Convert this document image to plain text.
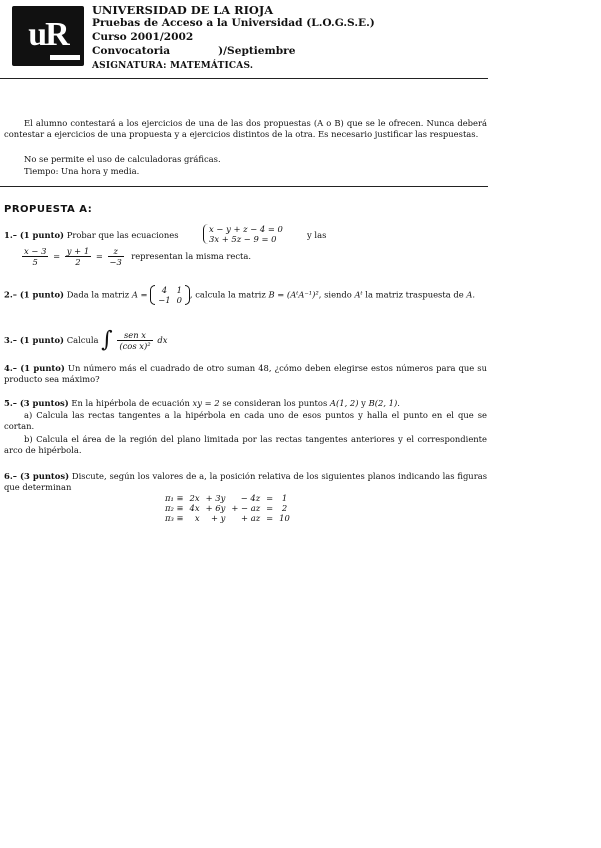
uR
UNIVERSIDAD DE LA RIOJA
Pruebas de Acceso a la Universidad (L.O.G.S.E.)
Curso 2001/2002
Convocatoria	)/Septiembre
ASIGNATURA: MATEMÁTICAS.
El alumno contestará a los ejercicios de una de las dos propuestas (A o B) que se le ofrecen. Nunca deberá contestar a ejercicios de una propuesta y a ejercicios distintos de la otra. Es necesario justificar las respuestas.
No se permite el uso de calculadoras gráficas.
Tiempo: Una hora y media.
PROPUESTA A:
1.– (1 punto) Probar que las ecuaciones
x − y + z − 4 = 0
3x + 5z − 9 = 0	y las
$\frac{x - 3}{5} = \frac{y + 1}{2} = \frac{z}{-3}$ representan la misma recta.
2.– (1 punto) Dada la matriz A = 4	1
−1	0
, calcula la matriz B = (AᵗA⁻¹)², siendo Aᵗ la matriz traspuesta de A.
3.– (1 punto) Calcula ∫ $\frac{\text{sen x}}{\text{(cos x)²}}$ dx
4.– (1 punto) Un número más el cuadrado de otro suman 48, ¿cómo deben elegirse estos números para que su producto sea máximo?
5.– (3 puntos) En la hipérbola de ecuación xy = 2 se consideran los puntos A(1, 2) y B(2, 1).
a) Calcula las rectas tangentes a la hipérbola en cada uno de esos puntos y halla el punto en el que se cortan.
b) Calcula el área de la región del plano limitada por las rectas tangentes anteriores y el correspondiente arco de hipérbola.
6.– (3 puntos) Discute, según los valores de a, la posición relativa de los siguientes planos indicando las figuras que determinan
π₁ ≡	2x	+ 3y	− 4z	=	1
π₂ ≡	4x	+ 6y	+ − az	=	2
π₃ ≡	x	+ y	+ az	=	10
